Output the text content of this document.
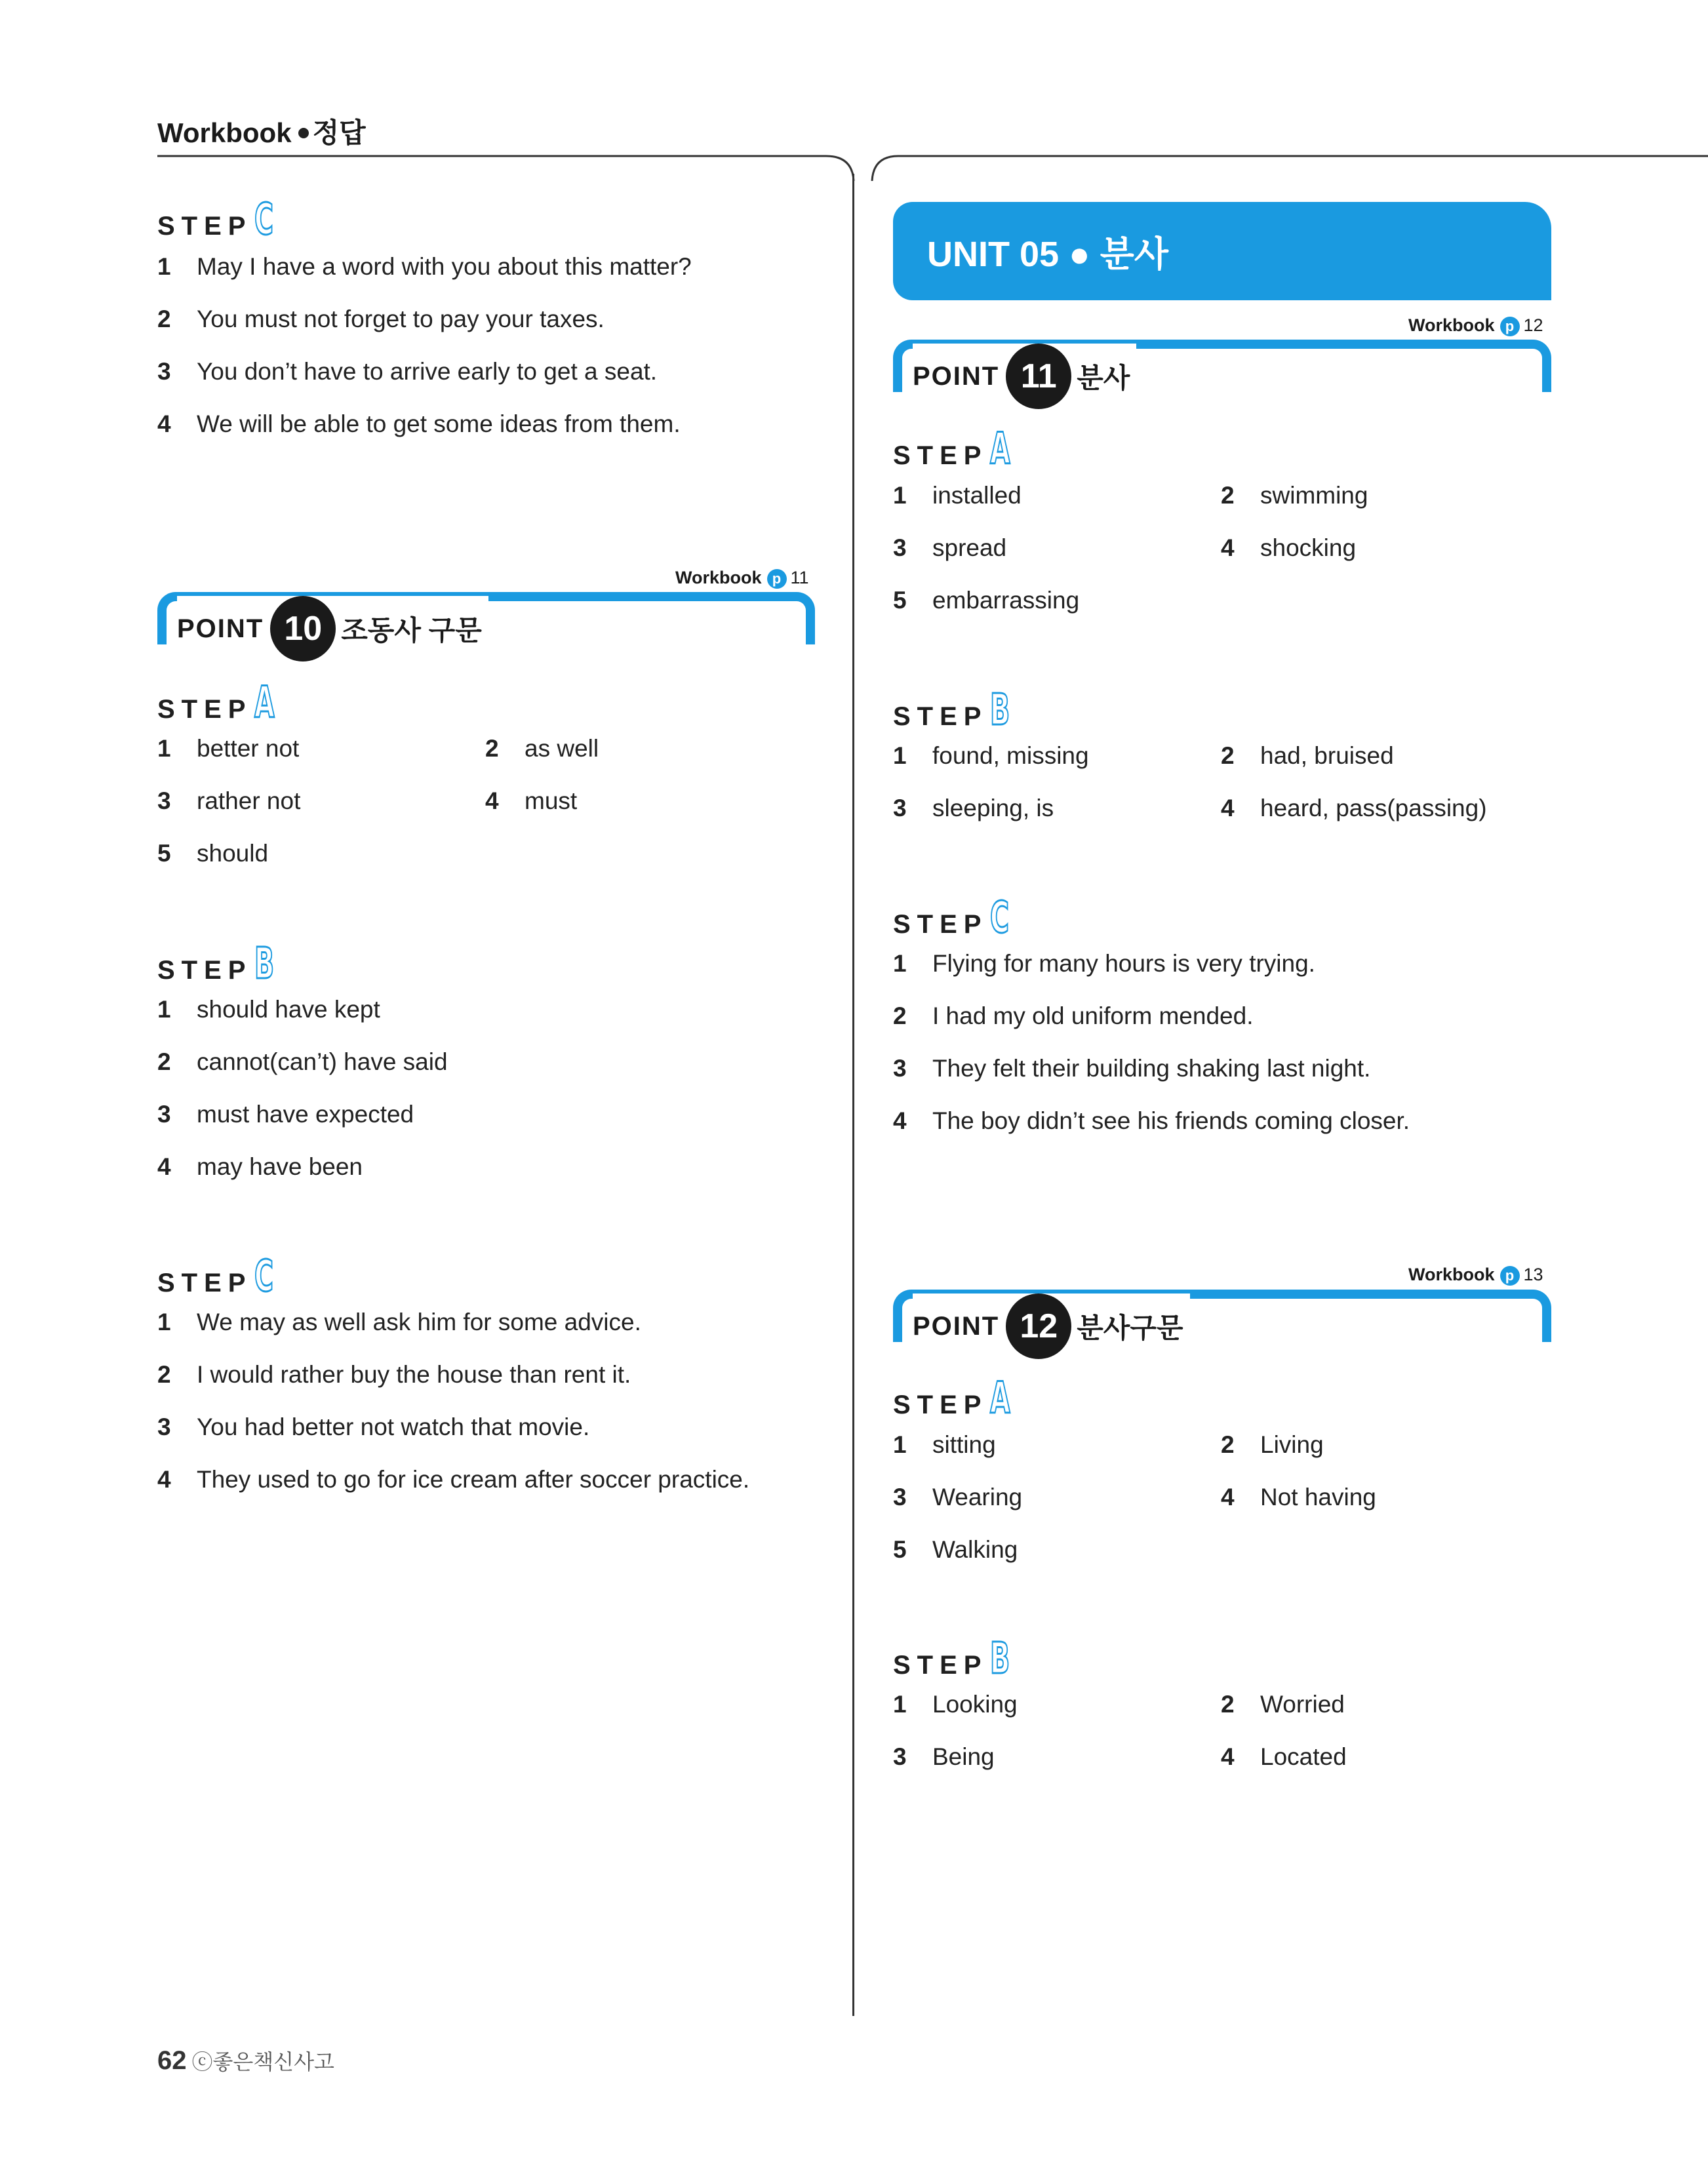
Workbook 정답
STEP C
1 May I have a word with you about this matter?
2 You must not forget to pay your taxes.
3 You don’t have to arrive early to get a seat.
4 We will be able to get some ideas from them.
Workbook p 11
POINT 10 조동사 구문
STEP A
1 better not	2 as well
3 rather not	4 must
5 should
STEP B
1 should have kept
2 cannot(can’t) have said
3 must have expected
4 may have been
STEP C
1 We may as well ask him for some advice.
2 I would rather buy the house than rent it.
3 You had better not watch that movie.
4 They used to go for ice cream after soccer practice.
UNIT 05 ● 분사
Workbook p 12
POINT 11 분사
STEP A
1 installed	2 swimming
3 spread	4 shocking
5 embarrassing
STEP B
1 found, missing	2 had, bruised
3 sleeping, is	4 heard, pass(passing)
STEP C
1 Flying for many hours is very trying.
2 I had my old uniform mended.
3 They felt their building shaking last night.
4 The boy didn’t see his friends coming closer.
Workbook p 13
POINT 12 분사구문
STEP A
1 sitting	2 Living
3 Wearing	4 Not having
5 Walking
STEP B
1 Looking	2 Worried
3 Being	4 Located
62 ⓒ좋은책신사고
